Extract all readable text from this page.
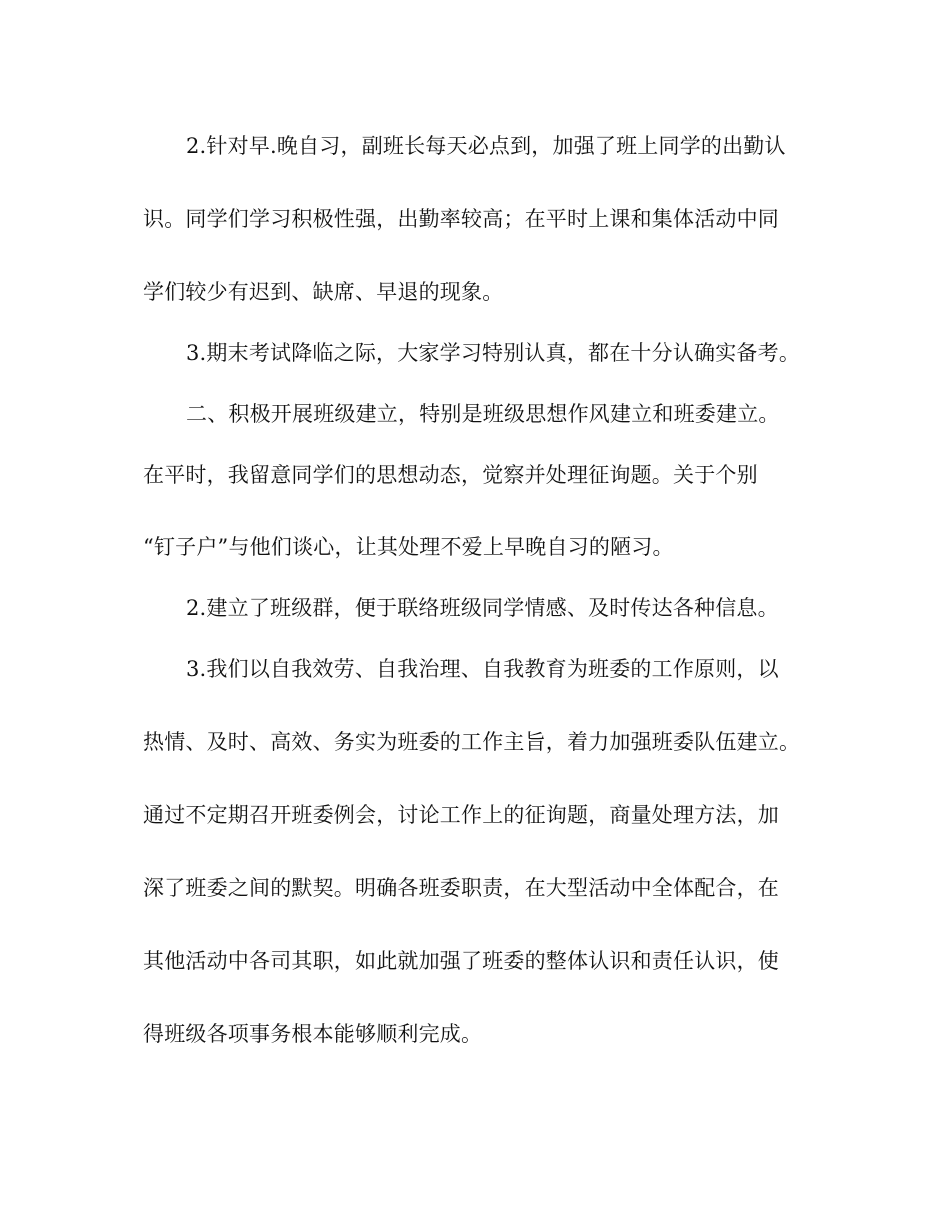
2.针对早.晚自习，副班长每天必点到，加强了班上同学的出勤认
识。同学们学习积极性强，出勤率较高；在平时上课和集体活动中同
学们较少有迟到、缺席、早退的现象。
3.期末考试降临之际，大家学习特别认真，都在十分认确实备考。
二、积极开展班级建立，特别是班级思想作风建立和班委建立。
在平时，我留意同学们的思想动态，觉察并处理征询题。关于个别
“钉子户”与他们谈心，让其处理不爱上早晚自习的陋习。
2.建立了班级群，便于联络班级同学情感、及时传达各种信息。
3.我们以自我效劳、自我治理、自我教育为班委的工作原则，以
热情、及时、高效、务实为班委的工作主旨，着力加强班委队伍建立。
通过不定期召开班委例会，讨论工作上的征询题，商量处理方法，加
深了班委之间的默契。明确各班委职责，在大型活动中全体配合，在
其他活动中各司其职，如此就加强了班委的整体认识和责任认识，使
得班级各项事务根本能够顺利完成。
